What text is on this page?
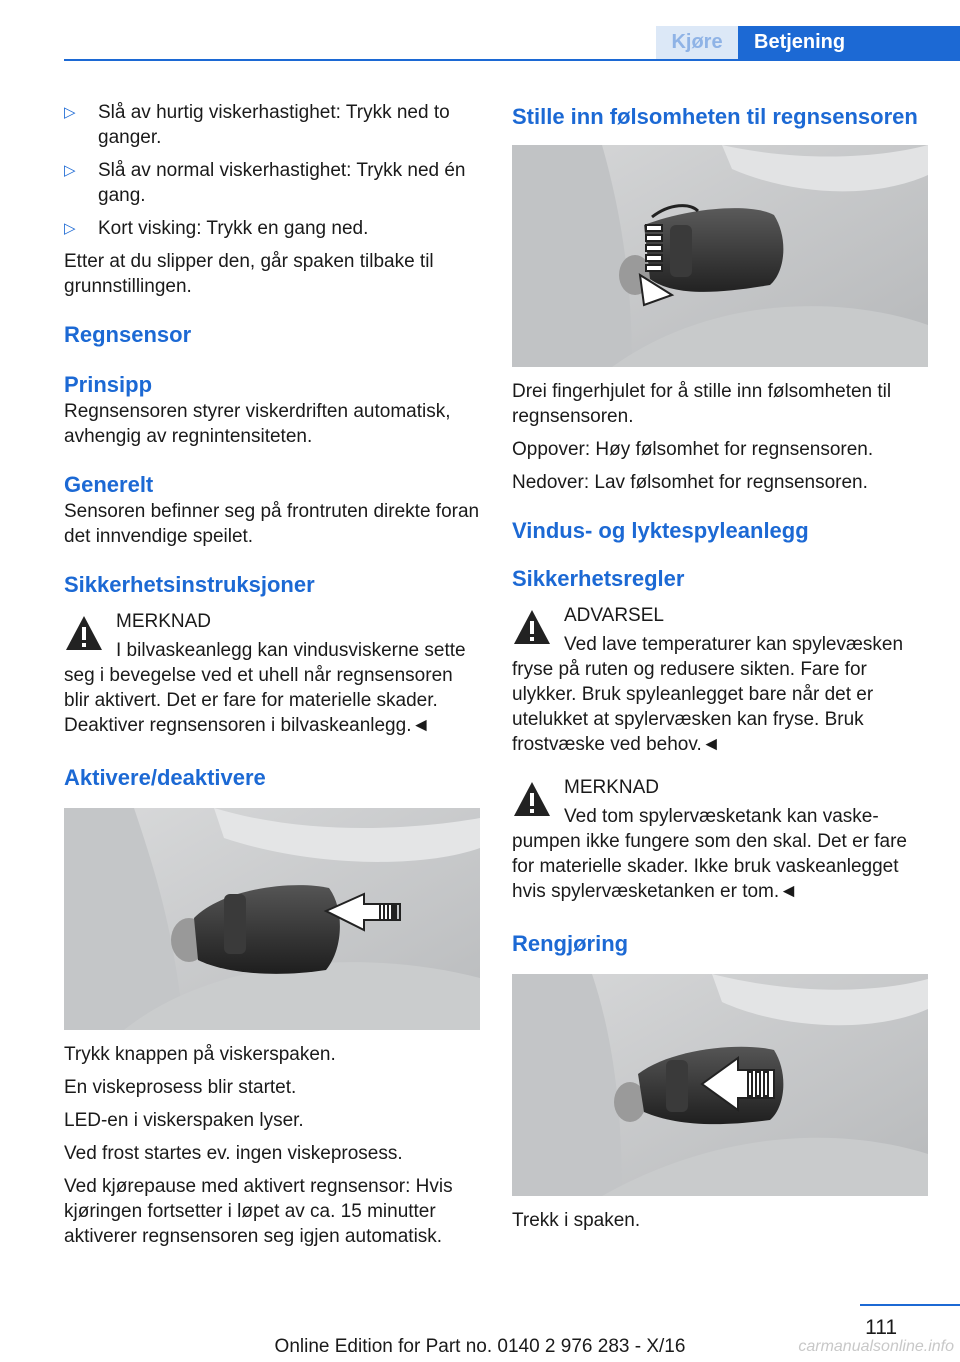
Kjøre	Betjening
▷ Slå av hurtig viskerhastighet: Trykk ned to ganger.
▷ Slå av normal viskerhastighet: Trykk ned én gang.
▷ Kort visking: Trykk en gang ned.

Etter at du slipper den, går spaken tilbake til grunnstillingen.

Regnsensor
Prinsipp

Regnsensoren styrer viskerdriften automatisk, avhengig av regnintensiteten.

Generelt

Sensoren befinner seg på frontruten direkte foran det innvendige speilet.

Sikkerhetsinstruksjoner
MERKNAD
I bilvaskeanlegg kan vindusviskerne sette
seg i bevegelse ved et uhell når regnsensoren blir aktivert. Det er fare for materielle skader. Deaktiver regnsensoren i bilvaskeanlegg.◄
Aktivere/deaktivere

Trykk knappen på viskerspaken.

En viskeprosess blir startet.

LED-en i viskerspaken lyser.

Ved frost startes ev. ingen viskeprosess.

Ved kjørepause med aktivert regnsensor: Hvis kjøringen fortsetter i løpet av ca. 15 minutter aktiverer regnsensoren seg igjen automatisk.

Stille inn følsomheten til regnsensoren

Drei fingerhjulet for å stille inn følsomheten til regnsensoren.

Oppover: Høy følsomhet for regnsensoren.

Nedover: Lav følsomhet for regnsensoren.

Vindus- og lyktespyleanlegg
Sikkerhetsregler
ADVARSEL
Ved lave temperaturer kan spylevæsken
fryse på ruten og redusere sikten. Fare for ulykker. Bruk spyleanlegget bare når det er utelukket at spylervæsken kan fryse. Bruk frostvæske ved behov.◄
MERKNAD
Ved tom spylervæsketank kan vaske-
pumpen ikke fungere som den skal. Det er fare for materielle skader. Ikke bruk vaskeanlegget hvis spylervæsketanken er tom.◄
Rengjøring

Trekk i spaken.

111
Online Edition for Part no. 0140 2 976 283 - X/16	carmanualsonline.info
